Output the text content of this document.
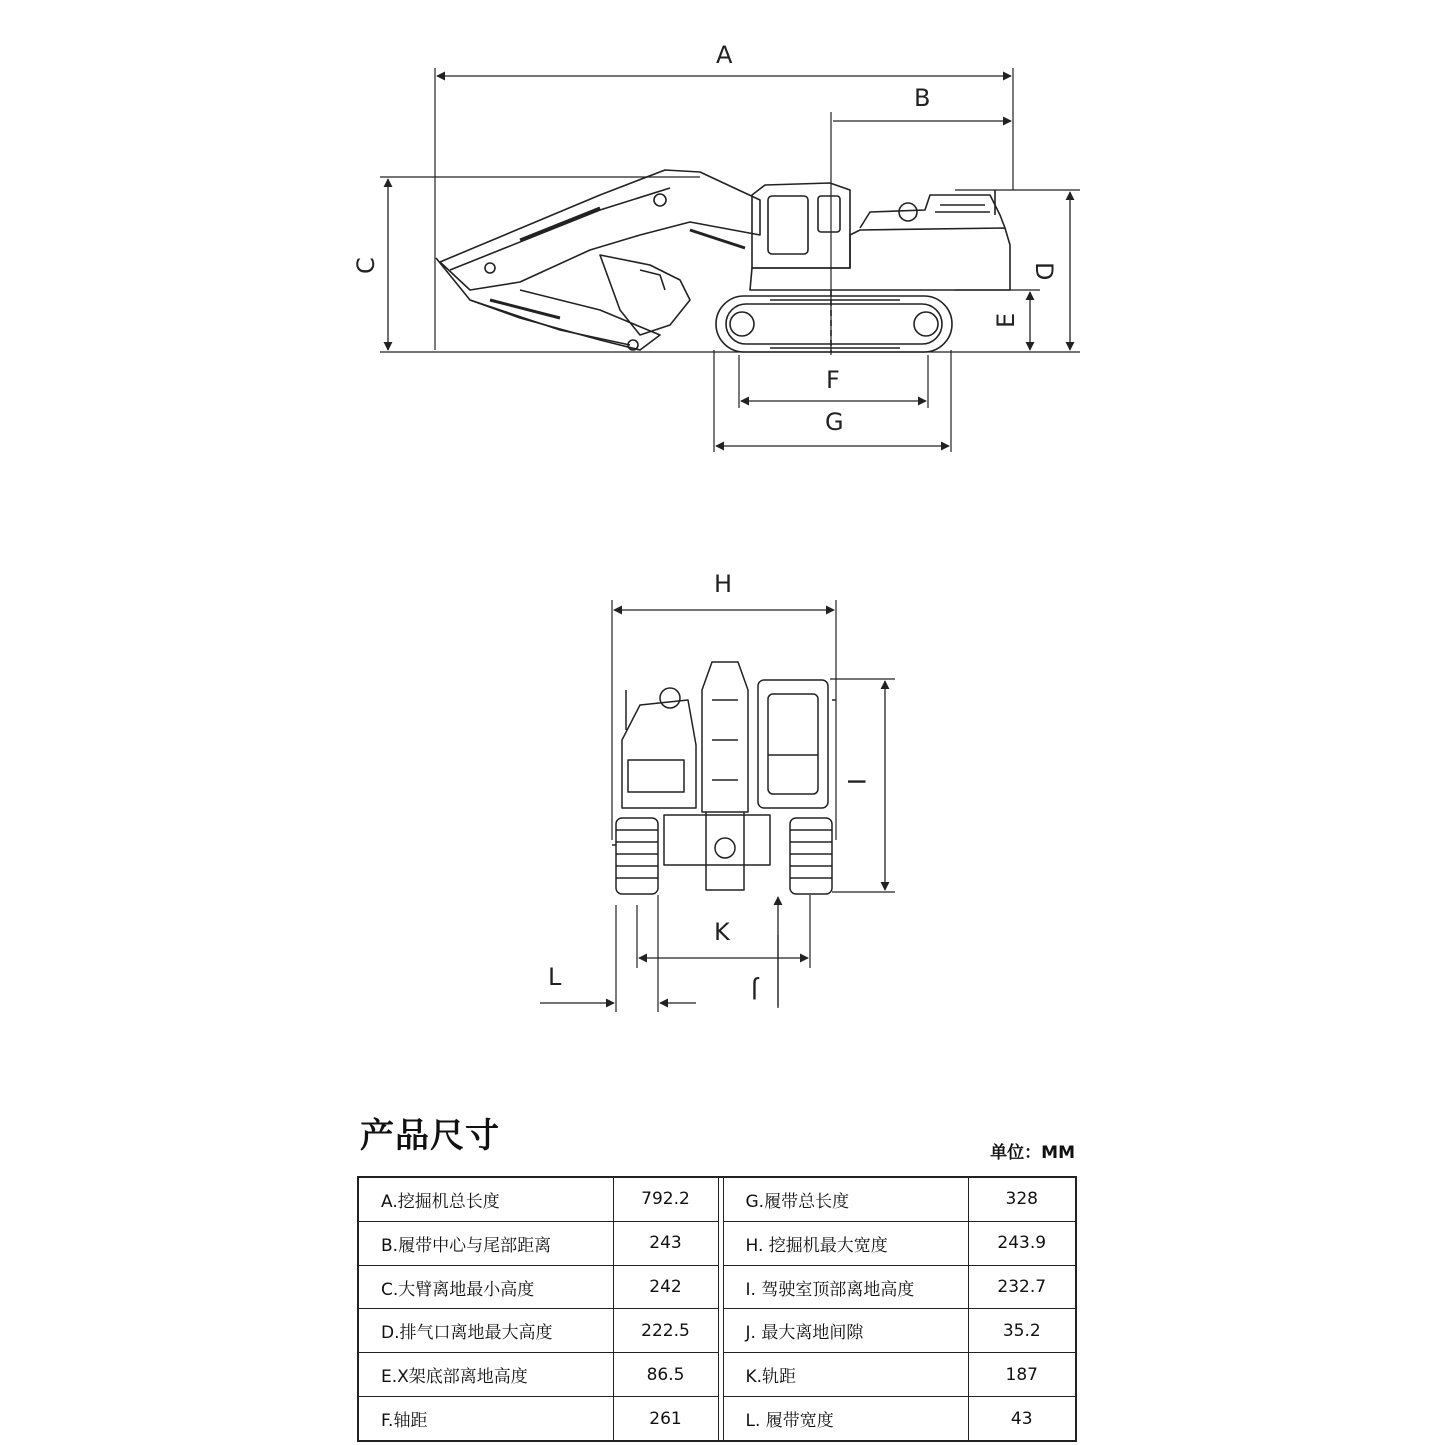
A
B
C	D
E
F
G
H
I
K
L	J
产品尺寸	单位：MM
A.挖掘机总长度	792.2		G.履带总长度	328
B.履带中心与尾部距离	243		H. 挖掘机最大宽度	243.9
C.大臂离地最小高度	242		I. 驾驶室顶部离地高度	232.7
D.排气口离地最大高度	222.5		J. 最大离地间隙	35.2
E.X架底部离地高度	86.5		K.轨距	187
F.轴距	261		L. 履带宽度	43
